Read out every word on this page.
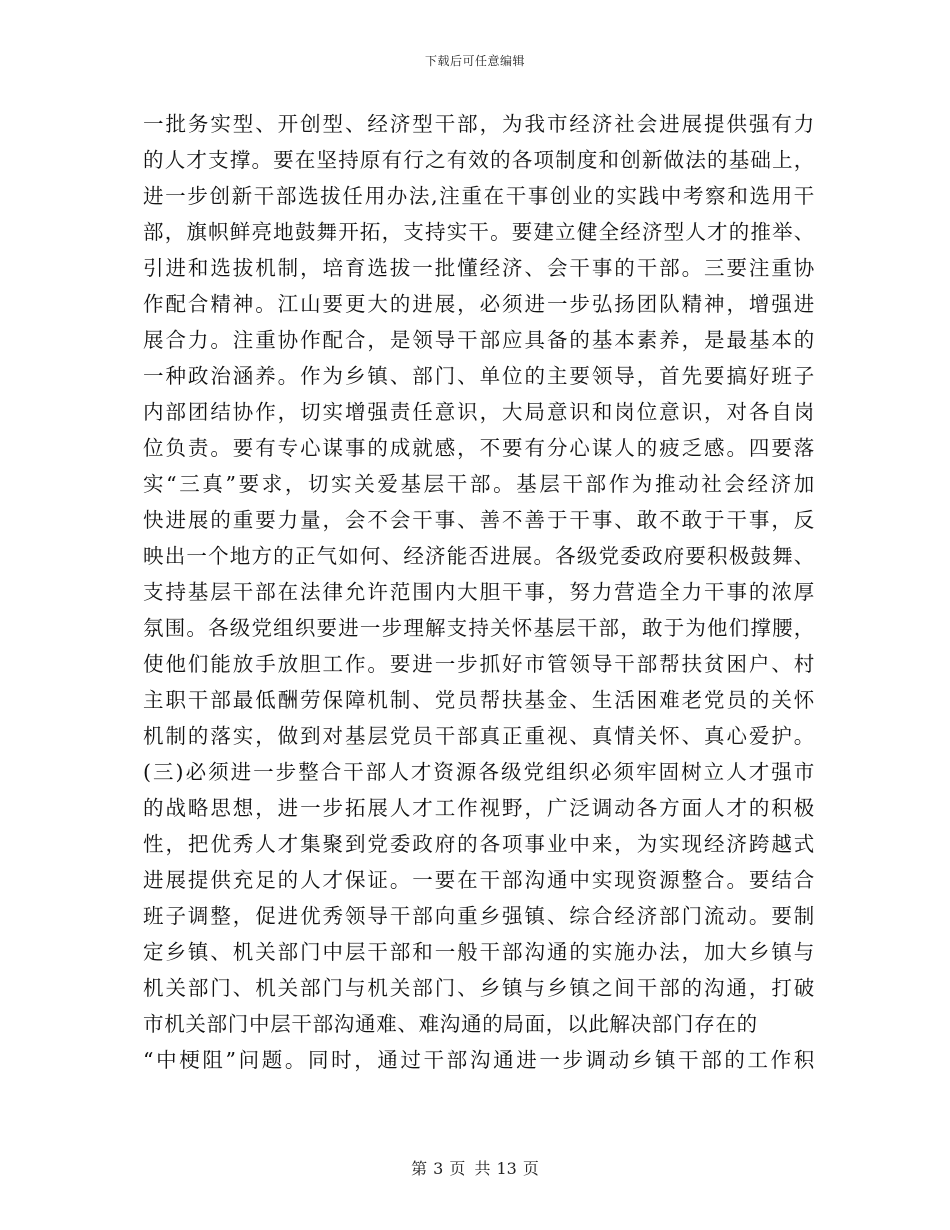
下载后可任意编辑
一批务实型、开创型、经济型干部，为我市经济社会进展提供强有力
的人才支撑。要在坚持原有行之有效的各项制度和创新做法的基础上，
进一步创新干部选拔任用办法,注重在干事创业的实践中考察和选用干
部，旗帜鲜亮地鼓舞开拓，支持实干。要建立健全经济型人才的推举、
引进和选拔机制，培育选拔一批懂经济、会干事的干部。三要注重协
作配合精神。江山要更大的进展，必须进一步弘扬团队精神，增强进
展合力。注重协作配合，是领导干部应具备的基本素养，是最基本的
一种政治涵养。作为乡镇、部门、单位的主要领导，首先要搞好班子
内部团结协作，切实增强责任意识，大局意识和岗位意识，对各自岗
位负责。要有专心谋事的成就感，不要有分心谋人的疲乏感。四要落
实“三真”要求，切实关爱基层干部。基层干部作为推动社会经济加
快进展的重要力量，会不会干事、善不善于干事、敢不敢于干事，反
映出一个地方的正气如何、经济能否进展。各级党委政府要积极鼓舞、
支持基层干部在法律允许范围内大胆干事，努力营造全力干事的浓厚
氛围。各级党组织要进一步理解支持关怀基层干部，敢于为他们撑腰，
使他们能放手放胆工作。要进一步抓好市管领导干部帮扶贫困户、村
主职干部最低酬劳保障机制、党员帮扶基金、生活困难老党员的关怀
机制的落实，做到对基层党员干部真正重视、真情关怀、真心爱护。
(三)必须进一步整合干部人才资源各级党组织必须牢固树立人才强市
的战略思想，进一步拓展人才工作视野，广泛调动各方面人才的积极
性，把优秀人才集聚到党委政府的各项事业中来，为实现经济跨越式
进展提供充足的人才保证。一要在干部沟通中实现资源整合。要结合
班子调整，促进优秀领导干部向重乡强镇、综合经济部门流动。要制
定乡镇、机关部门中层干部和一般干部沟通的实施办法，加大乡镇与
机关部门、机关部门与机关部门、乡镇与乡镇之间干部的沟通，打破
市机关部门中层干部沟通难、难沟通的局面，以此解决部门存在的
“中梗阻”问题。同时，通过干部沟通进一步调动乡镇干部的工作积
第 3 页 共 13 页
